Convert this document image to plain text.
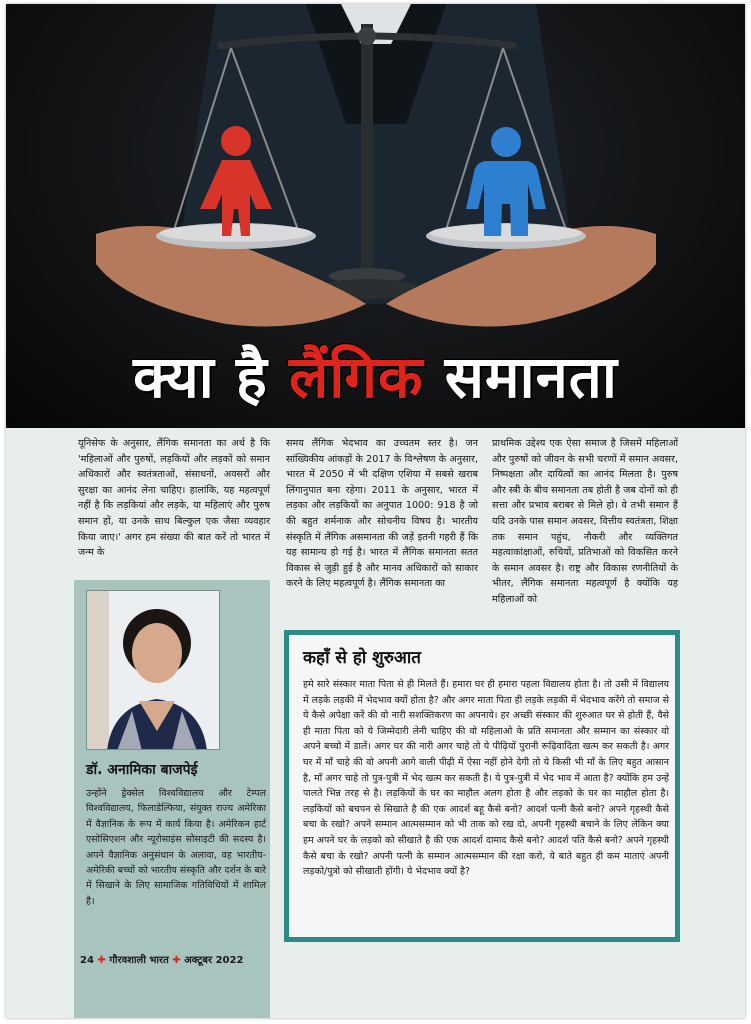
क्या है लैंगिक समानता
यूनिसेफ के अनुसार, लैंगिक समानता का अर्थ है कि 'महिलाओं और पुरुषों, लड़कियों और लड़कों को समान अधिकारों और स्वतंत्रताओं, संसाधनों, अवसरों और सुरक्षा का आनंद लेना चाहिए। हालांकि, यह महत्वपूर्ण नहीं है कि लड़कियां और लड़के, या महिलाएं और पुरुष समान हों, या उनके साथ बिल्कुल एक जैसा व्यवहार किया जाए।' अगर हम संख्या की बात करें तो भारत में जन्म के
समय लैंगिक भेदभाव का उच्चतम स्तर है। जन सांख्यिकीय आंकड़ों के 2017 के विश्लेषण के अनुसार, भारत में 2050 में भी दक्षिण एशिया में सबसे खराब लिंगानुपात बना रहेगा। 2011 के अनुसार, भारत में लड़का और लड़कियों का अनुपात 1000: 918 है जो की बहुत शर्मनाक और सोचनीय विषय है। भारतीय संस्कृति में लैंगिक असमानता की जड़ें इतनी गहरी हैं कि यह सामान्य हो गई है। भारत में लैंगिक समानता सतत विकास से जुड़ी हुई है और मानव अधिकारों को साकार करने के लिए महत्वपूर्ण है। लैंगिक समानता का
प्राथमिक उद्देश्य एक ऐसा समाज है जिसमें महिलाओं और पुरुषों को जीवन के सभी चरणों में समान अवसर, निष्पक्षता और दायित्वों का आनंद मिलता है। पुरुष और स्त्री के बीच समानता तब होती है जब दोनों को ही सत्ता और प्रभाव बराबर से मिले हो। वे तभी समान हैं यदि उनके पास समान अवसर, वित्तीय स्वतंत्रता, शिक्षा तक समान पहुंच, नौकरी और व्यक्तिगत महत्वाकांक्षाओं, रुचियों, प्रतिभाओं को विकसित करने के समान अवसर है। राष्ट्र और विकास रणनीतियों के भीतर, लैंगिक समानता महत्वपूर्ण है क्योंकि यह महिलाओं को
डॉ. अनामिका बाजपेई
उन्होंने ड्रेक्सेल विश्वविद्यालय और टेम्पल विश्वविद्यालय, फिलाडेल्फिया, संयुक्त राज्य अमेरिका में वैज्ञानिक के रूप में कार्य किया है। अमेरिकन हार्ट एसोसिएशन और न्यूरोसाइंस सोसाइटी की सदस्य है। अपने वैज्ञानिक अनुसंधान के अलावा, वह भारतीय-अमेरिकी बच्चों को भारतीय संस्कृति और दर्शन के बारे में सिखाने के लिए सामाजिक गतिविधियों में शामिल है।
24 ✚ गौरवशाली भारत ✚ अक्टूबर 2022
कहाँ से हो शुरुआत
हमे सारे संस्कार माता पिता से ही मिलते हैं। हमारा घर ही हमारा पहला विद्यालय होता है। तो उसी में विद्यालय में लड़के लड़की में भेदभाव क्यों होता है? और अगर माता पिता ही लड़के लड़की में भेदभाव करेंगे तो समाज से ये कैसे अपेक्षा करें की वो नारी सशक्तिकरण का अपनाये। हर अच्छी संस्कार की शुरुआत घर से होती हैं, वैसे ही माता पिता को ये जिम्मेदारी लेनी चाहिए की वो महिलाओ के प्रति समानता और सम्मान का संस्कार वो अपने बच्चो में डालें। अगर घर की नारी अगर चाहे तो ये पीढ़ियों पुरानी रूढ़िवादिता खत्म कर सकती है। अगर घर में माँ चाहे की वो अपनी आगे वाली पीढ़ी में ऐसा नहीं होने देगी तो ये किसी भी माँ के लिए बहुत आसान है, माँ अगर चाहे तो पुत्र-पुत्री में भेद खत्म कर सकती है। ये पुत्र-पुत्री में भेद भाव में आता है? क्योंकि हम उन्हें पालते भिन्न तरह से है। लड़कियों के घर का माहौल अलग होता है और लड़को के घर का माहौल होता है। लड़कियों को बचपन से सिखाते है की एक आदर्श बहू कैसे बनो? आदर्श पत्नी कैसे बनो? अपने गृहस्थी कैसे बचा के रखो? अपने सम्मान आत्मसम्मान को भी ताक को रख दो, अपनी गृहस्थी बचाने के लिए लेकिन क्या हम अपने घर के लड़को को सीखाते है की एक आदर्श दामाद कैसे बनो? आदर्श पति कैसे बनो? अपने गृहस्थी कैसे बचा के रखो? अपनी पत्नी के सम्मान आत्मसम्मान की रक्षा करो, ये बाते बहुत ही कम माताएं अपनी लड़को/पुत्रो को सीखाती होंगी। ये भेदभाव क्यों है?
